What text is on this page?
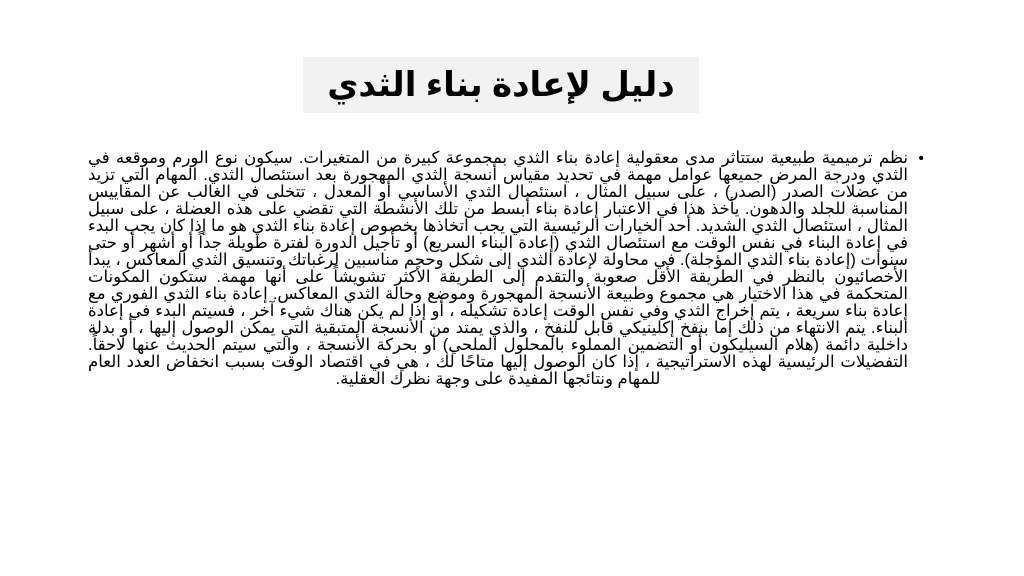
دليل لإعادة بناء الثدي
•
نظم ترميمية طبيعية ستتأثر مدى معقولية إعادة بناء الثدي بمجموعة كبيرة من المتغيرات. سيكون نوع الورم وموقعه في الثدي ودرجة المرض جميعها عوامل مهمة في تحديد مقياس أنسجة الثدي المهجورة بعد استئصال الثدي. المهام التي تزيد من عضلات الصدر (الصدر) ، على سبيل المثال ، استئصال الثدي الأساسي أو المعدل ، تتخلى في الغالب عن المقاييس المناسبة للجلد والدهون. يأخذ هذا في الاعتبار إعادة بناء أبسط من تلك الأنشطة التي تقضي على هذه العضلة ، على سبيل المثال ، استئصال الثدي الشديد. أحد الخيارات الرئيسية التي يجب اتخاذها بخصوص إعادة بناء الثدي هو ما إذا كان يجب البدء في إعادة البناء في نفس الوقت مع استئصال الثدي (إعادة البناء السريع) أو تأجيل الدورة لفترة طويلة جداً أو أشهر أو حتى سنوات (إعادة بناء الثدي المؤجلة). في محاولة لإعادة الثدي إلى شكل وحجم مناسبين لرغباتك وتنسيق الثدي المعاكس ، يبدأ الأخصائيون بالنظر في الطريقة الأقل صعوبة والتقدم إلى الطريقة الأكثر تشويشاً على أنها مهمة. ستكون المكونات المتحكمة في هذا الاختيار هي مجموع وطبيعة الأنسجة المهجورة وموضع وحالة الثدي المعاكس. إعادة بناء الثدي الفوري مع إعادة بناء سريعة ، يتم إخراج الثدي وفي نفس الوقت إعادة تشكيله ، أو إذا لم يكن هناك شيء آخر ، فسيتم البدء في إعادة البناء. يتم الانتهاء من ذلك إما بنفخ إكلينيكي قابل للنفخ ، والذي يمتد من الأنسجة المتبقية التي يمكن الوصول إليها ، أو بدلة داخلية دائمة (هلام السيليكون أو التضمين المملوء بالمحلول الملحي) أو بحركة الأنسجة ، والتي سيتم الحديث عنها لاحقاً. التفضيلات الرئيسية لهذه الاستراتيجية ، إذا كان الوصول إليها متاحًا لك ، هي في اقتصاد الوقت بسبب انخفاض العدد العام للمهام ونتائجها المفيدة على وجهة نظرك العقلية.
